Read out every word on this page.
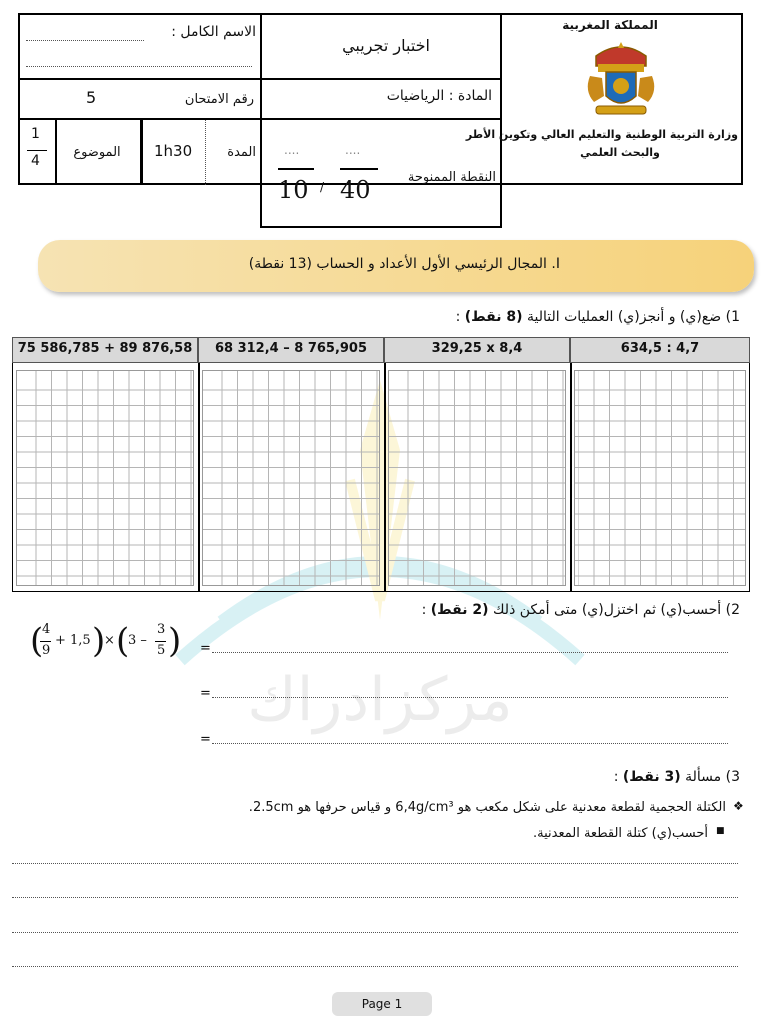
المملكة المغربية
وزارة التربية الوطنية والتعليم العالي وتكوين الأطر
والبحث العلمي
اختبار تجريبي
المادة : الرياضيات
الاسم الكامل :
رقم الامتحان
5
المدة
1h30
الموضوع
1
4
النقطة الممنوحة
....
40
/
....
10
مركزادراك
I. المجال الرئيسي الأول الأعداد و الحساب (13 نقطة)
1) ضع(ي) و أنجز(ي) العمليات التالية (8 نقط) :
75 586,785 + 89 876,58	68 312,4 – 8 765,905	329,25 x 8,4	634,5 : 4,7
2) أحسب(ي) ثم اختزل(ي) متى أمكن ذلك (2 نقط) :
(
4
9
+ 1,5 )
× (
3 –
3
5 ) =
=
=
3) مسألة (3 نقط) :
❖
الكتلة الحجمية لقطعة معدنية على شكل مكعب هو 6,4g/cm³ و قياس حرفها هو 2.5cm.
■
أحسب(ي) كتلة القطعة المعدنية.
Page 1
